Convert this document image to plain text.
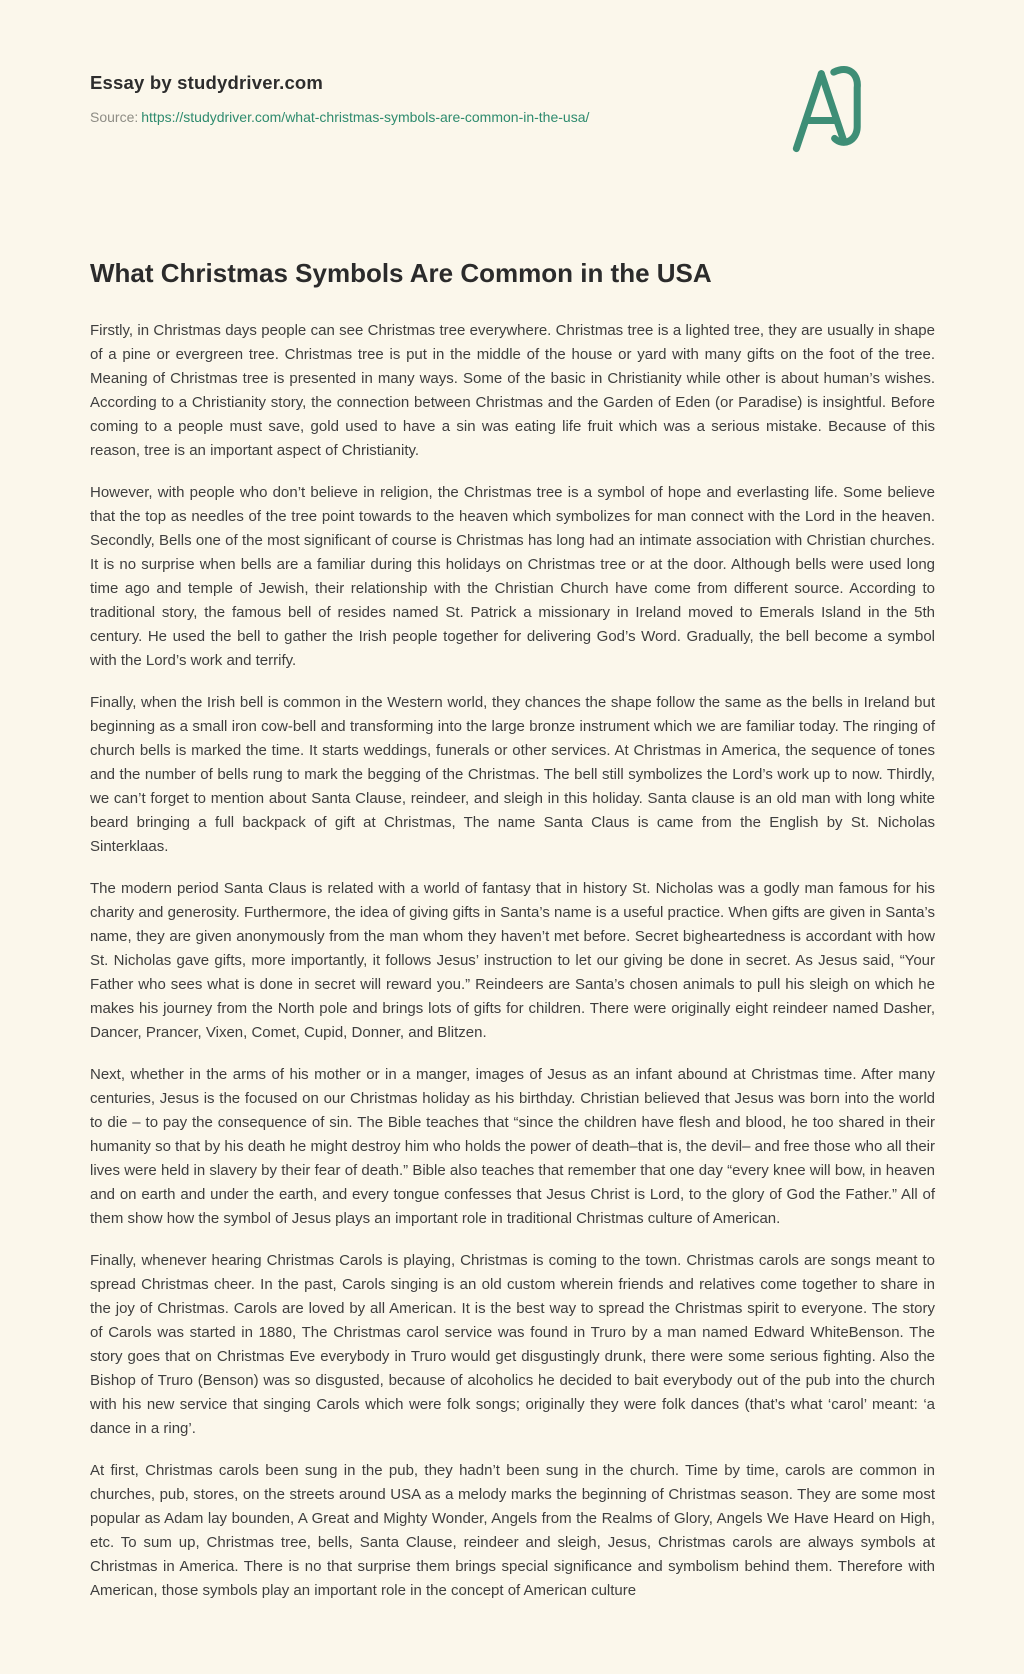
Essay by studydriver.com
Source: https://studydriver.com/what-christmas-symbols-are-common-in-the-usa/
What Christmas Symbols Are Common in the USA

Firstly, in Christmas days people can see Christmas tree everywhere. Christmas tree is a lighted tree, they are usually in shape of a pine or evergreen tree. Christmas tree is put in the middle of the house or yard with many gifts on the foot of the tree. Meaning of Christmas tree is presented in many ways. Some of the basic in Christianity while other is about human’s wishes. According to a Christianity story, the connection between Christmas and the Garden of Eden (or Paradise) is insightful. Before coming to a people must save, gold used to have a sin was eating life fruit which was a serious mistake. Because of this reason, tree is an important aspect of Christianity.

However, with people who don’t believe in religion, the Christmas tree is a symbol of hope and everlasting life. Some believe that the top as needles of the tree point towards to the heaven which symbolizes for man connect with the Lord in the heaven. Secondly, Bells one of the most significant of course is Christmas has long had an intimate association with Christian churches. It is no surprise when bells are a familiar during this holidays on Christmas tree or at the door. Although bells were used long time ago and temple of Jewish, their relationship with the Christian Church have come from different source. According to traditional story, the famous bell of resides named St. Patrick a missionary in Ireland moved to Emerals Island in the 5th century. He used the bell to gather the Irish people together for delivering God’s Word. Gradually, the bell become a symbol with the Lord’s work and terrify.

Finally, when the Irish bell is common in the Western world, they chances the shape follow the same as the bells in Ireland but beginning as a small iron cow-bell and transforming into the large bronze instrument which we are familiar today. The ringing of church bells is marked the time. It starts weddings, funerals or other services. At Christmas in America, the sequence of tones and the number of bells rung to mark the begging of the Christmas. The bell still symbolizes the Lord’s work up to now. Thirdly, we can’t forget to mention about Santa Clause, reindeer, and sleigh in this holiday. Santa clause is an old man with long white beard bringing a full backpack of gift at Christmas, The name Santa Claus is came from the English by St. Nicholas Sinterklaas.

The modern period Santa Claus is related with a world of fantasy that in history St. Nicholas was a godly man famous for his charity and generosity. Furthermore, the idea of giving gifts in Santa’s name is a useful practice. When gifts are given in Santa’s name, they are given anonymously from the man whom they haven’t met before. Secret bigheartedness is accordant with how St. Nicholas gave gifts, more importantly, it follows Jesus’ instruction to let our giving be done in secret. As Jesus said, “Your Father who sees what is done in secret will reward you.” Reindeers are Santa’s chosen animals to pull his sleigh on which he makes his journey from the North pole and brings lots of gifts for children. There were originally eight reindeer named Dasher, Dancer, Prancer, Vixen, Comet, Cupid, Donner, and Blitzen.

Next, whether in the arms of his mother or in a manger, images of Jesus as an infant abound at Christmas time. After many centuries, Jesus is the focused on our Christmas holiday as his birthday. Christian believed that Jesus was born into the world to die – to pay the consequence of sin. The Bible teaches that “since the children have flesh and blood, he too shared in their humanity so that by his death he might destroy him who holds the power of death–that is, the devil– and free those who all their lives were held in slavery by their fear of death.” Bible also teaches that remember that one day “every knee will bow, in heaven and on earth and under the earth, and every tongue confesses that Jesus Christ is Lord, to the glory of God the Father.” All of them show how the symbol of Jesus plays an important role in traditional Christmas culture of American.

Finally, whenever hearing Christmas Carols is playing, Christmas is coming to the town. Christmas carols are songs meant to spread Christmas cheer. In the past, Carols singing is an old custom wherein friends and relatives come together to share in the joy of Christmas. Carols are loved by all American. It is the best way to spread the Christmas spirit to everyone. The story of Carols was started in 1880, The Christmas carol service was found in Truro by a man named Edward WhiteBenson. The story goes that on Christmas Eve everybody in Truro would get disgustingly drunk, there were some serious fighting. Also the Bishop of Truro (Benson) was so disgusted, because of alcoholics he decided to bait everybody out of the pub into the church with his new service that singing Carols which were folk songs; originally they were folk dances (that’s what ‘carol’ meant: ‘a dance in a ring’.

At first, Christmas carols been sung in the pub, they hadn’t been sung in the church. Time by time, carols are common in churches, pub, stores, on the streets around USA as a melody marks the beginning of Christmas season. They are some most popular as Adam lay bounden, A Great and Mighty Wonder, Angels from the Realms of Glory, Angels We Have Heard on High, etc. To sum up, Christmas tree, bells, Santa Clause, reindeer and sleigh, Jesus, Christmas carols are always symbols at Christmas in America. There is no that surprise them brings special significance and symbolism behind them. Therefore with American, those symbols play an important role in the concept of American culture
